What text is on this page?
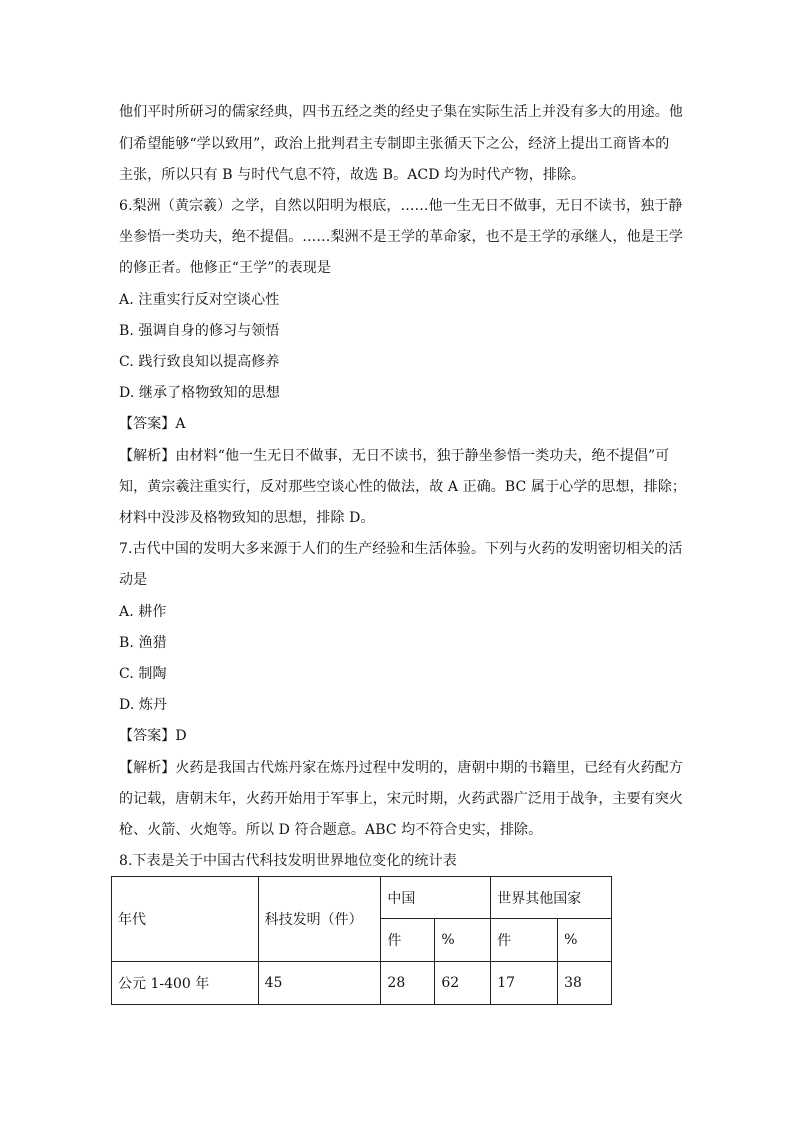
他们平时所研习的儒家经典，四书五经之类的经史子集在实际生活上并没有多大的用途。他
们希望能够“学以致用”，政治上批判君主专制即主张循天下之公，经济上提出工商皆本的
主张，所以只有 B 与时代气息不符，故选 B。ACD 均为时代产物，排除。
6.梨洲（黄宗羲）之学，自然以阳明为根底，……他一生无日不做事，无日不读书，独于静
坐参悟一类功夫，绝不提倡。……梨洲不是王学的革命家，也不是王学的承继人，他是王学
的修正者。他修正“王学”的表现是
A. 注重实行反对空谈心性
B. 强调自身的修习与领悟
C. 践行致良知以提高修养
D. 继承了格物致知的思想
【答案】A
【解析】由材料“他一生无日不做事，无日不读书，独于静坐参悟一类功夫，绝不提倡”可
知，黄宗羲注重实行，反对那些空谈心性的做法，故 A 正确。BC 属于心学的思想，排除；
材料中没涉及格物致知的思想，排除 D。
7.古代中国的发明大多来源于人们的生产经验和生活体验。下列与火药的发明密切相关的活
动是
A. 耕作
B. 渔猎
C. 制陶
D. 炼丹
【答案】D
【解析】火药是我国古代炼丹家在炼丹过程中发明的，唐朝中期的书籍里，已经有火药配方
的记载，唐朝末年，火药开始用于军事上，宋元时期，火药武器广泛用于战争，主要有突火
枪、火箭、火炮等。所以 D 符合题意。ABC 均不符合史实，排除。
8.下表是关于中国古代科技发明世界地位变化的统计表
年代	科技发明（件）	中国		世界其他国家	
		件	%	件	%
公元 1-400 年	45	28	62	17	38
